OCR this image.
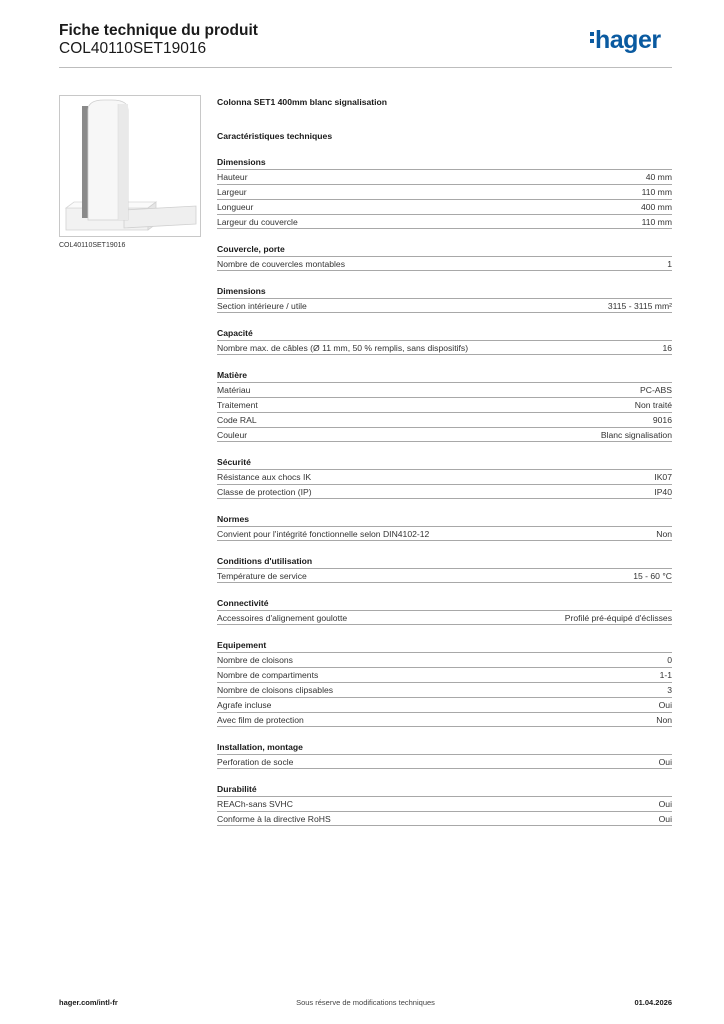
Fiche technique du produit
COL40110SET19016	hager
COL40110SET19016
Colonna SET1 400mm blanc signalisation
Caractéristiques techniques
Dimensions
Hauteur	40 mm
Largeur	110 mm
Longueur	400 mm
Largeur du couvercle	110 mm
Couvercle, porte
Nombre de couvercles montables	1
Dimensions
Section intérieure / utile	3115 - 3115 mm²
Capacité
Nombre max. de câbles (Ø 11 mm, 50 % remplis, sans dispositifs)	16
Matière
Matériau	PC-ABS
Traitement	Non traité
Code RAL	9016
Couleur	Blanc signalisation
Sécurité
Résistance aux chocs IK	IK07
Classe de protection (IP)	IP40
Normes
Convient pour l'intégrité fonctionnelle selon DIN4102-12	Non
Conditions d'utilisation
Température de service	15 - 60 °C
Connectivité
Accessoires d'alignement goulotte	Profilé pré-équipé d'éclisses
Equipement
Nombre de cloisons	0
Nombre de compartiments	1-1
Nombre de cloisons clipsables	3
Agrafe incluse	Oui
Avec film de protection	Non
Installation, montage
Perforation de socle	Oui
Durabilité
REACh-sans SVHC	Oui
Conforme à la directive RoHS	Oui
hager.com/intl-fr	Sous réserve de modifications techniques	01.04.2026
